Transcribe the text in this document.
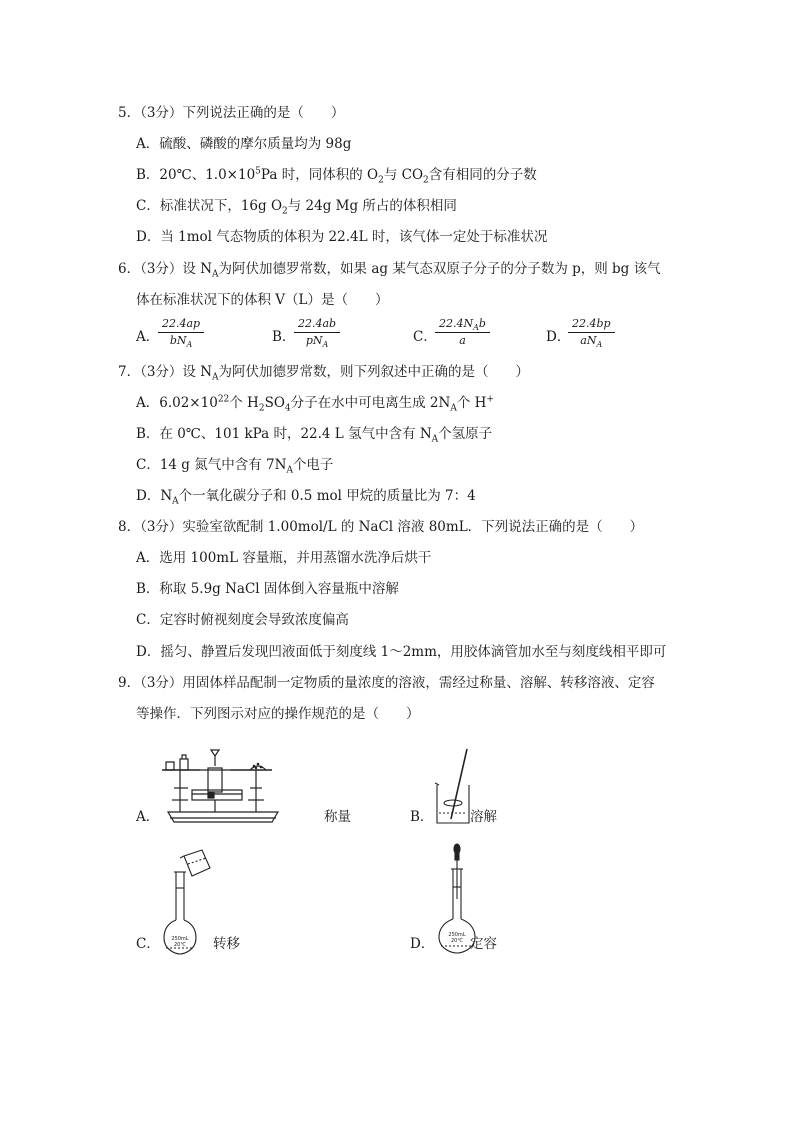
5．（3分）下列说法正确的是（　　）
A．硫酸、磷酸的摩尔质量均为 98g
B．20℃、$1.0\times 10^5Pa$ 时，同体积的 $O_2$与 $CO_2$含有相同的分子数
C．标准状况下，16g $O_2$与 24g Mg 所占的体积相同
D．当 1mol 气态物质的体积为 22.4L 时，该气体一定处于标准状况
6．（3分）设 $N_A$为阿伏加德罗常数，如果 ag 某气态双原子分子的分子数为 p，则 bg 该气
体在标准状况下的体积 V（L）是（　　）
A．
22.4ap
$bN_A$	B．
22.4ab
$pN_A$	C．
$22.4N_Ab$
a	D．
22.4bp
$aN_A$
7．（3分）设 $N_A$为阿伏加德罗常数，则下列叙述中正确的是（　　）
A．$6.02\times 10^{22}$个 $H_2SO_4$分子在水中可电离生成 $2N_A$个 H+
B．在 0℃、101 kPa 时，22.4 L 氢气中含有 $N_A$个氢原子
C．14 g 氮气中含有 $7N_A$个电子
D．$N_A$个一氧化碳分子和 0.5 mol 甲烷的质量比为 7：4
8．（3分）实验室欲配制 1.00mol/L 的 NaCl 溶液 80mL．下列说法正确的是（　　）
A．选用 100mL 容量瓶，并用蒸馏水洗净后烘干
B．称取 5.9g NaCl 固体倒入容量瓶中溶解
C．定容时俯视刻度会导致浓度偏高
D．摇匀、静置后发现凹液面低于刻度线 1～2mm，用胶体滴管加水至与刻度线相平即可
9．（3分）用固体样品配制一定物质的量浓度的溶液，需经过称量、溶解、转移溶液、定容
等操作．下列图示对应的操作规范的是（　　）
A．	称量	B．	溶解
C． 250mL
20℃ 转移	D．
250mL
20℃ 定容
